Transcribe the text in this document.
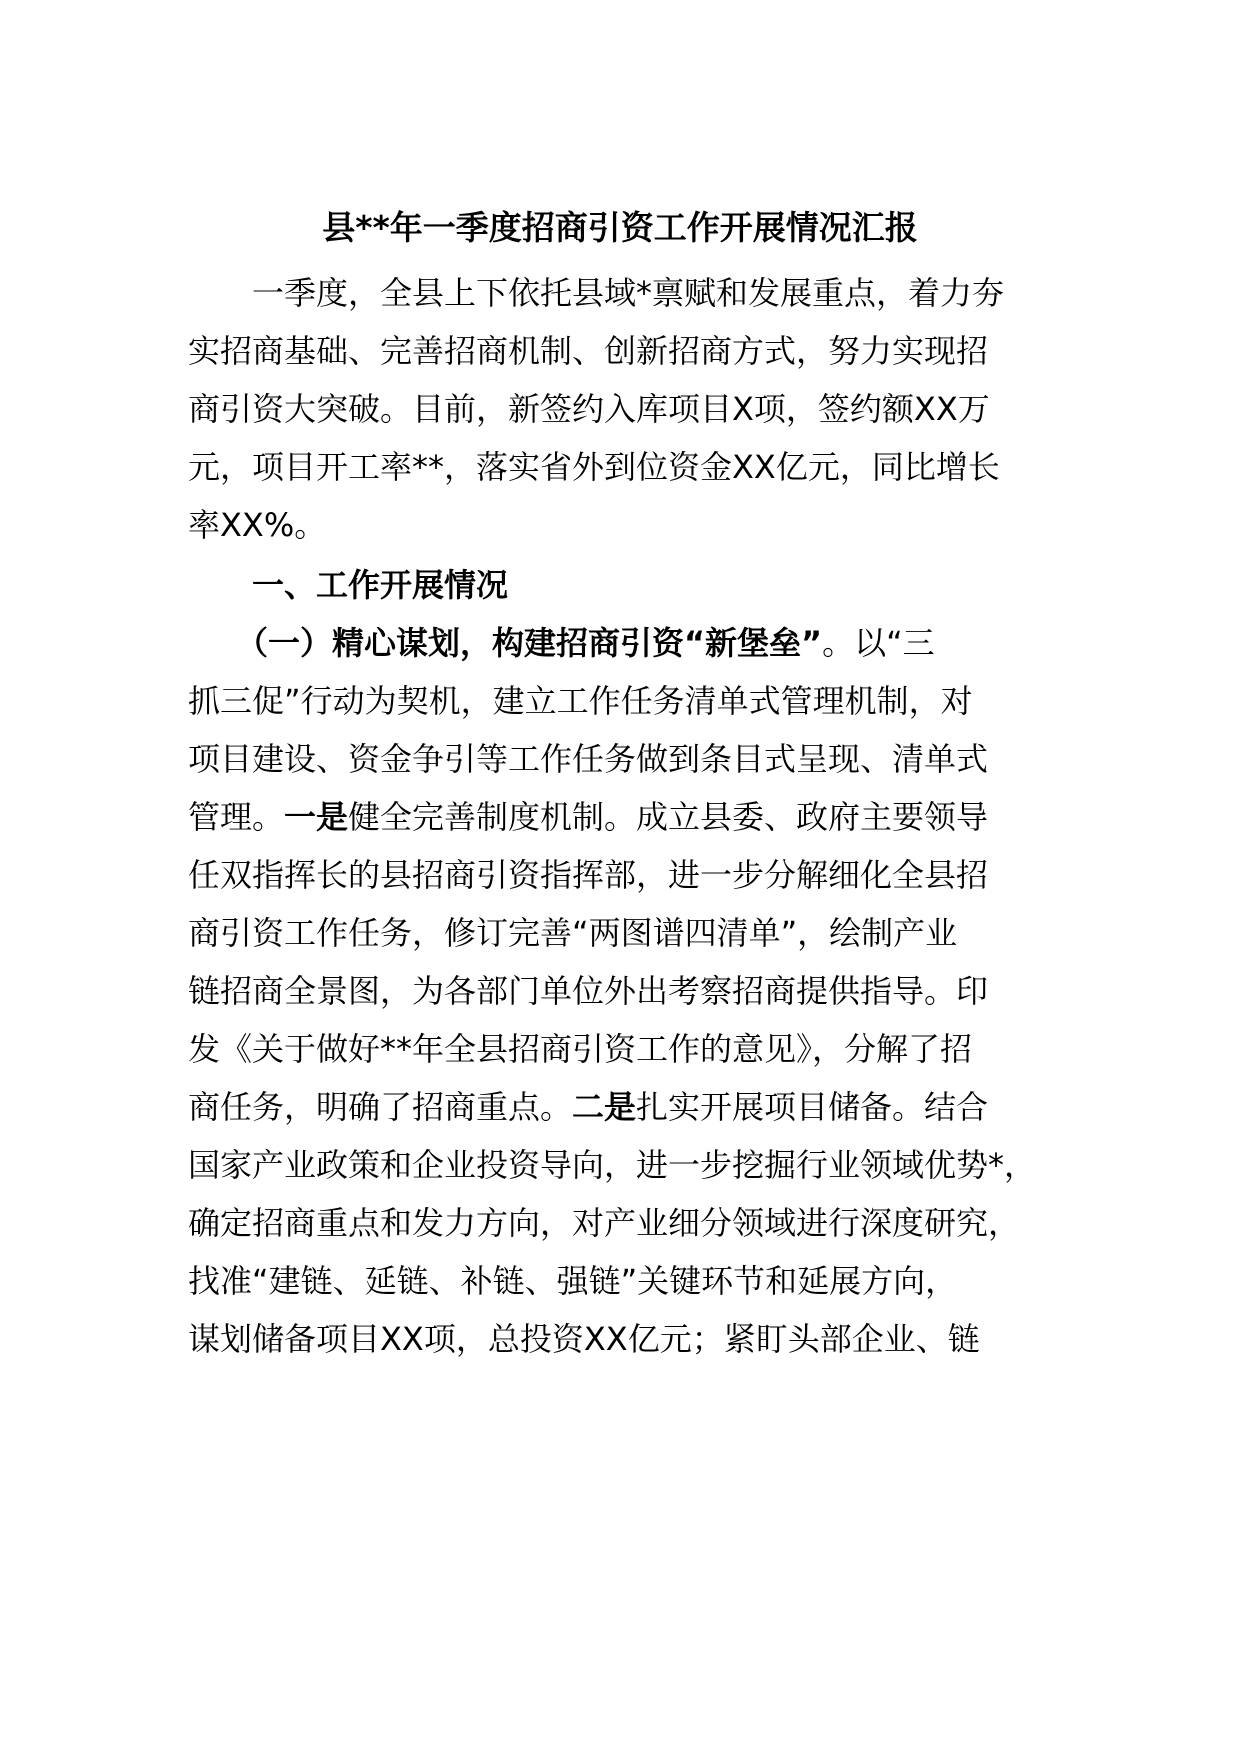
县**年一季度招商引资工作开展情况汇报
一季度，全县上下依托县域*禀赋和发展重点，着力夯
实招商基础、完善招商机制、创新招商方式，努力实现招
商引资大突破。目前，新签约入库项目X项，签约额XX万
元，项目开工率**，落实省外到位资金XX亿元，同比增长
率XX%。
一、工作开展情况
（一）精心谋划，构建招商引资“新堡垒”。以“三
抓三促”行动为契机，建立工作任务清单式管理机制，对
项目建设、资金争引等工作任务做到条目式呈现、清单式
管理。一是健全完善制度机制。成立县委、政府主要领导
任双指挥长的县招商引资指挥部，进一步分解细化全县招
商引资工作任务，修订完善“两图谱四清单”，绘制产业
链招商全景图，为各部门单位外出考察招商提供指导。印
发《关于做好**年全县招商引资工作的意见》，分解了招
商任务，明确了招商重点。二是扎实开展项目储备。结合
国家产业政策和企业投资导向，进一步挖掘行业领域优势*，
确定招商重点和发力方向，对产业细分领域进行深度研究，
找准“建链、延链、补链、强链”关键环节和延展方向，
谋划储备项目XX项，总投资XX亿元；紧盯头部企业、链
